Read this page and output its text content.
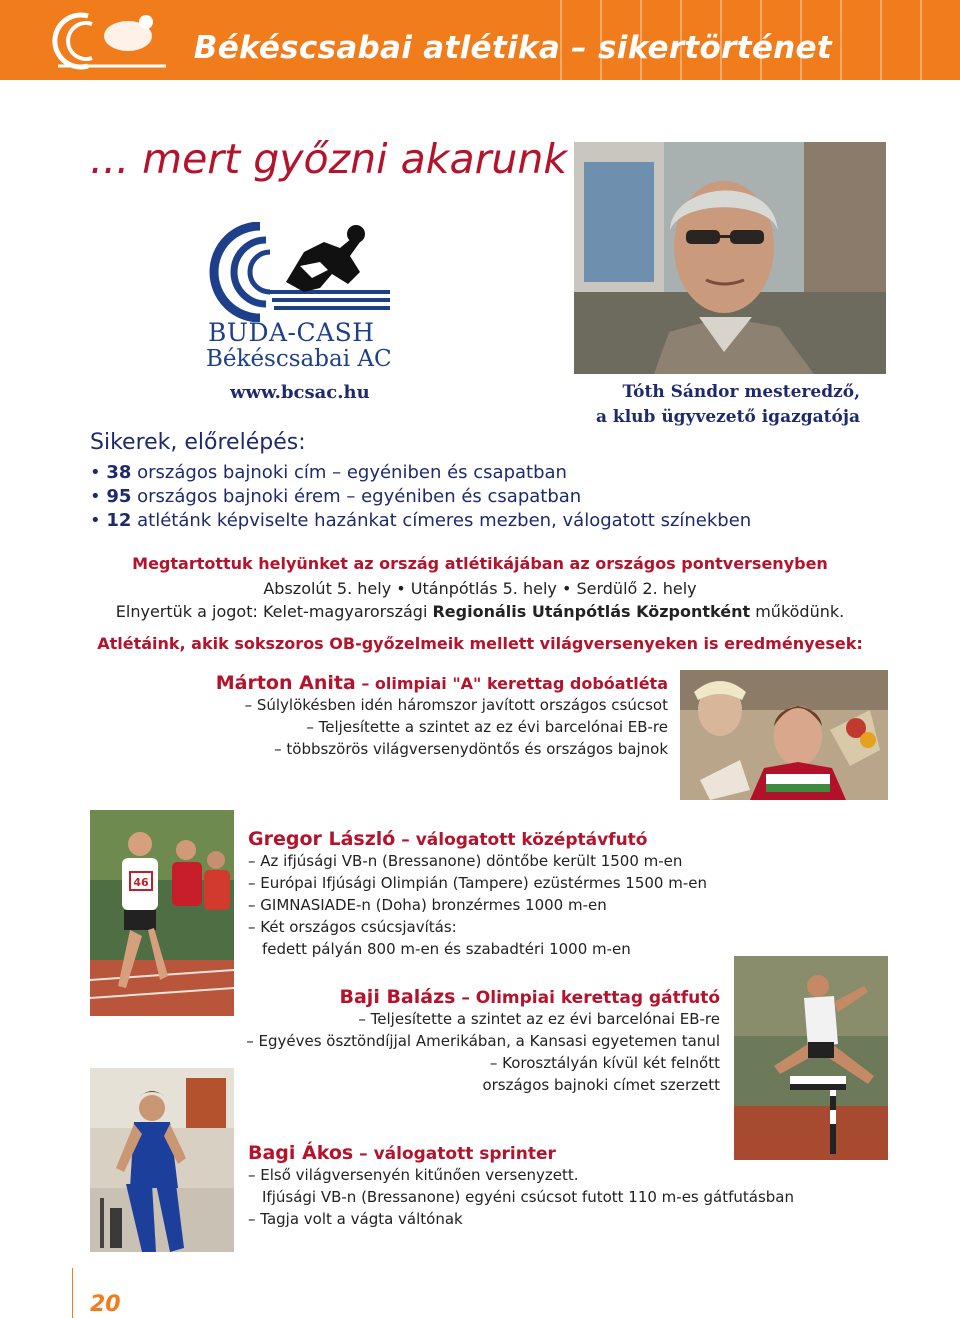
Békéscsabai atlétika – sikertörténet
... mert győzni akarunk
BUDA-CASH
Békéscsabai AC
www.bcsac.hu	Tóth Sándor mesteredző,
a klub ügyvezető igazgatója
Sikerek, előrelépés:
• 38 országos bajnoki cím – egyéniben és csapatban
• 95 országos bajnoki érem – egyéniben és csapatban
• 12 atlétánk képviselte hazánkat címeres mezben, válogatott színekben
Megtartottuk helyünket az ország atlétikájában az országos pontversenyben
Abszolút 5. hely • Utánpótlás 5. hely • Serdülő 2. hely
Elnyertük a jogot: Kelet-magyarországi Regionális Utánpótlás Központként működünk.
Atlétáink, akik sokszoros OB-győzelmeik mellett világversenyeken is eredményesek:
Márton Anita – olimpiai "A" kerettag dobóatléta
– Súlylökésben idén háromszor javított országos csúcsot
– Teljesítette a szintet az ez évi barcelónai EB-re
– többszörös világversenydöntős és országos bajnok
46
Gregor László – válogatott középtávfutó
– Az ifjúsági VB-n (Bressanone) döntőbe került 1500 m-en
– Európai Ifjúsági Olimpián (Tampere) ezüstérmes 1500 m-en
– GIMNASIADE-n (Doha) bronzérmes 1000 m-en
– Két országos csúcsjavítás:
fedett pályán 800 m-en és szabadtéri 1000 m-en
Baji Balázs – Olimpiai kerettag gátfutó
– Teljesítette a szintet az ez évi barcelónai EB-re
– Egyéves ösztöndíjjal Amerikában, a Kansasi egyetemen tanul
– Korosztályán kívül két felnőtt
országos bajnoki címet szerzett
Bagi Ákos – válogatott sprinter
– Első világversenyén kitűnően versenyzett.
Ifjúsági VB-n (Bressanone) egyéni csúcsot futott 110 m-es gátfutásban
– Tagja volt a vágta váltónak
20
